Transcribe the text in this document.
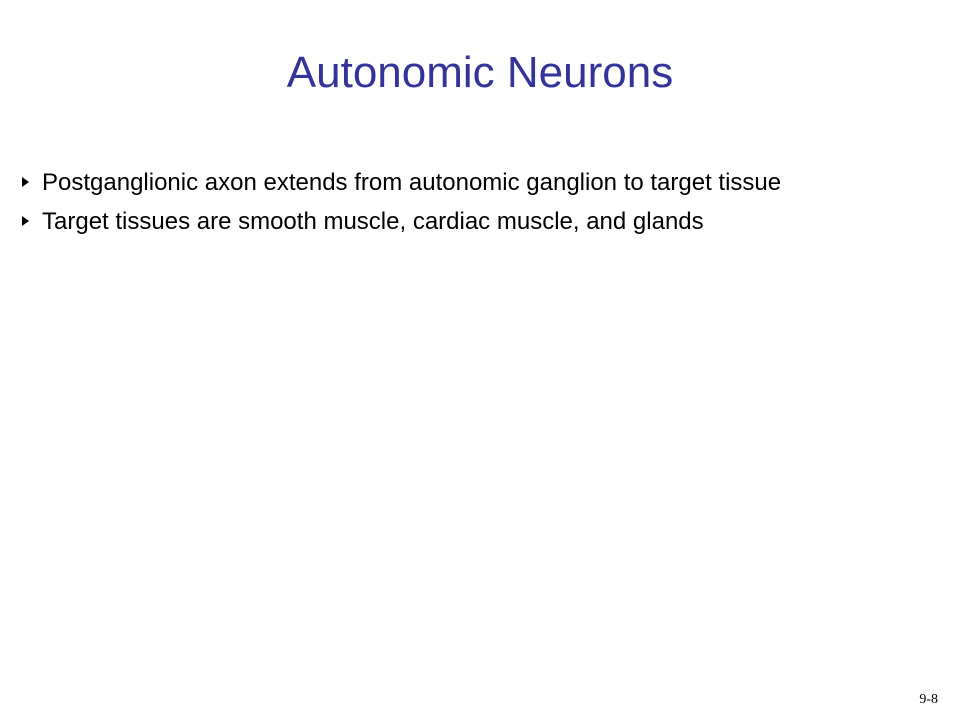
Autonomic Neurons
Postganglionic axon extends from autonomic ganglion to target tissue
Target tissues are smooth muscle, cardiac muscle, and glands
9-8
